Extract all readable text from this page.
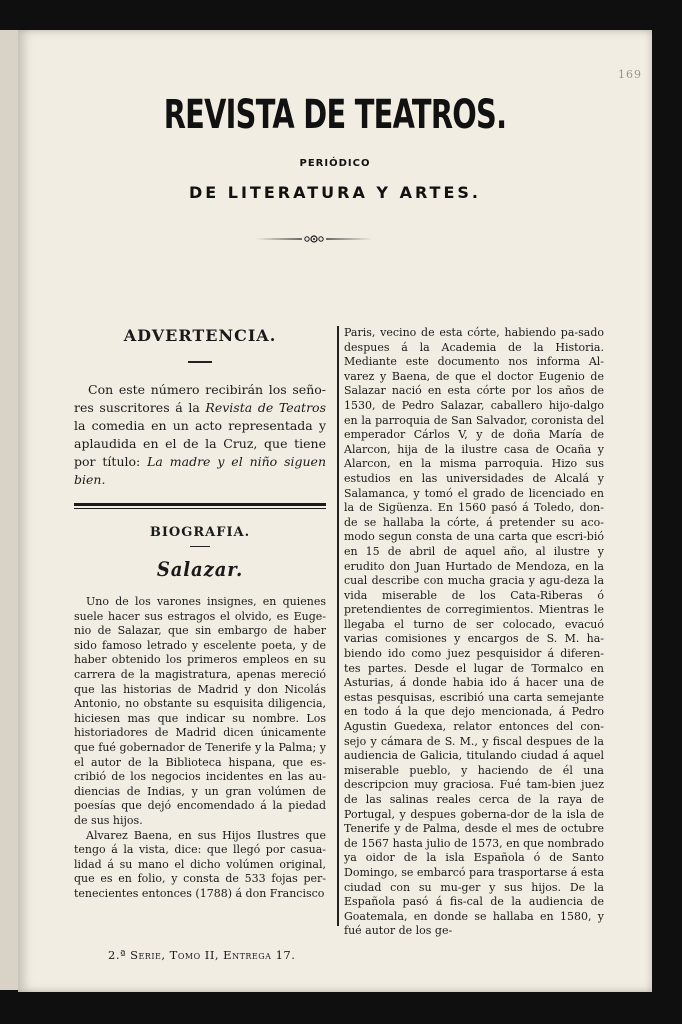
169
REVISTA DE TEATROS.
PERIÓDICO
DE LITERATURA Y ARTES.

ADVERTENCIA.

Con este número recibirán los seño-res suscritores á la Revista de Teatros la comedia en un acto representada y aplaudida en el de la Cruz, que tiene por título: La madre y el niño siguen bien.

BIOGRAFIA.

Salazar.

Uno de los varones insignes, en quienes suele hacer sus estragos el olvido, es Euge-nio de Salazar, que sin embargo de haber sido famoso letrado y escelente poeta, y de haber obtenido los primeros empleos en su carrera de la magistratura, apenas mereció que las historias de Madrid y don Nicolás Antonio, no obstante su esquisita diligencia, hiciesen mas que indicar su nombre. Los historiadores de Madrid dicen únicamente que fué gobernador de Tenerife y la Palma; y el autor de la Biblioteca hispana, que es-cribió de los negocios incidentes en las au-diencias de Indias, y un gran volúmen de poesías que dejó encomendado á la piedad de sus hijos.

Alvarez Baena, en sus Hijos Ilustres que tengo á la vista, dice: que llegó por casua-lidad á su mano el dicho volúmen original, que es en folio, y consta de 533 fojas per-tenecientes entonces (1788) á don Francisco

Paris, vecino de esta córte, habiendo pa-sado despues á la Academia de la Historia. Mediante este documento nos informa Al-varez y Baena, de que el doctor Eugenio de Salazar nació en esta córte por los años de 1530, de Pedro Salazar, caballero hijo-dalgo en la parroquia de San Salvador, coronista del emperador Cárlos V, y de doña María de Alarcon, hija de la ilustre casa de Ocaña y Alarcon, en la misma parroquia. Hizo sus estudios en las universidades de Alcalá y Salamanca, y tomó el grado de licenciado en la de Sigüenza. En 1560 pasó á Toledo, don-de se hallaba la córte, á pretender su aco-modo segun consta de una carta que escri-bió en 15 de abril de aquel año, al ilustre y erudito don Juan Hurtado de Mendoza, en la cual describe con mucha gracia y agu-deza la vida miserable de los Cata-Riberas ó pretendientes de corregimientos. Mientras le llegaba el turno de ser colocado, evacuó varias comisiones y encargos de S. M. ha-biendo ido como juez pesquisidor á diferen-tes partes. Desde el lugar de Tormalco en Asturias, á donde habia ido á hacer una de estas pesquisas, escribió una carta semejante en todo á la que dejo mencionada, á Pedro Agustin Guedexa, relator entonces del con-sejo y cámara de S. M., y fiscal despues de la audiencia de Galicia, titulando ciudad á aquel miserable pueblo, y haciendo de él una descripcion muy graciosa. Fué tam-bien juez de las salinas reales cerca de la raya de Portugal, y despues goberna-dor de la isla de Tenerife y de Palma, desde el mes de octubre de 1567 hasta julio de 1573, en que nombrado ya oidor de la isla Española ó de Santo Domingo, se embarcó para trasportarse á esta ciudad con su mu-ger y sus hijos. De la Española pasó á fis-cal de la audiencia de Goatemala, en donde se hallaba en 1580, y fué autor de los ge-

2.ª Serie, Tomo II, Entrega 17.
